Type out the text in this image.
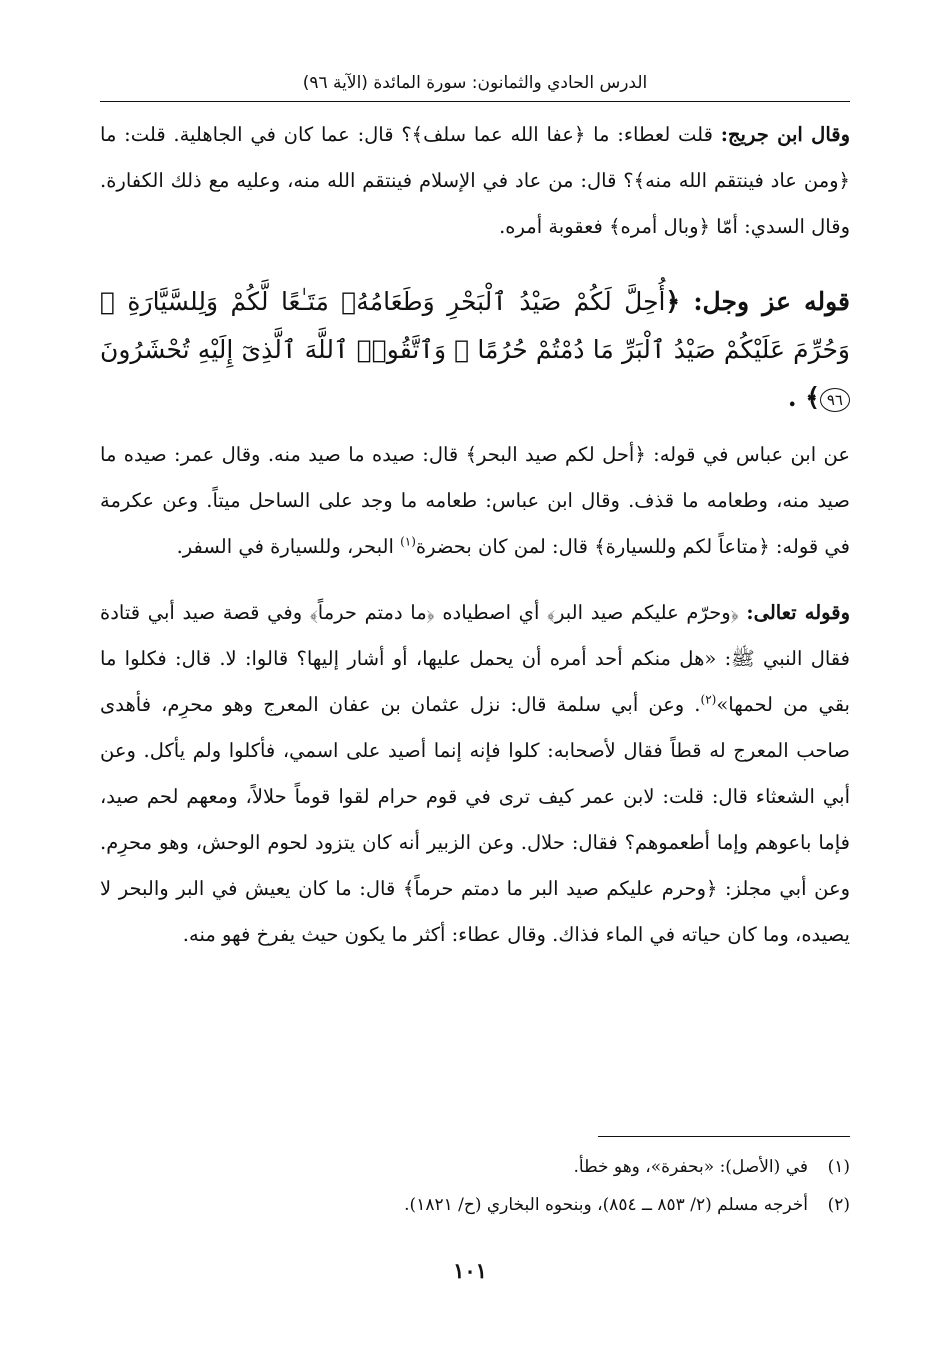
الدرس الحادي والثمانون: سورة المائدة (الآية ٩٦)

وقال ابن جريج: قلت لعطاء: ما ﴿عفا الله عما سلف﴾؟ قال: عما كان في الجاهلية. قلت: ما ﴿ومن عاد فينتقم الله منه﴾؟ قال: من عاد في الإسلام فينتقم الله منه، وعليه مع ذلك الكفارة. وقال السدي: أمّا ﴿وبال أمره﴾ فعقوبة أمره.

قوله عز وجل: ﴿أُحِلَّ لَكُمْ صَيْدُ ٱلْبَحْرِ وَطَعَامُهُۥ مَتَـٰعًا لَّكُمْ وَلِلسَّيَّارَةِ ۖ وَحُرِّمَ عَلَيْكُمْ صَيْدُ ٱلْبَرِّ مَا دُمْتُمْ حُرُمًا ۗ وَٱتَّقُوا۟ ٱللَّهَ ٱلَّذِىٓ إِلَيْهِ تُحْشَرُونَ ٩٦﴾ .

عن ابن عباس في قوله: ﴿أحل لكم صيد البحر﴾ قال: صيده ما صيد منه. وقال عمر: صيده ما صيد منه، وطعامه ما قذف. وقال ابن عباس: طعامه ما وجد على الساحل ميتاً. وعن عكرمة في قوله: ﴿متاعاً لكم وللسيارة﴾ قال: لمن كان بحضرة$^{(١)}$ البحر، وللسيارة في السفر.

وقوله تعالى: ﴿وحرّم عليكم صيد البر﴾ أي اصطياده ﴿ما دمتم حرماً﴾ وفي قصة صيد أبي قتادة فقال النبي ﷺ: «هل منكم أحد أمره أن يحمل عليها، أو أشار إليها؟ قالوا: لا. قال: فكلوا ما بقي من لحمها»$^{(٢)}$. وعن أبي سلمة قال: نزل عثمان بن عفان المعرج وهو محرِم، فأهدى صاحب المعرج له قطاً فقال لأصحابه: كلوا فإنه إنما أصيد على اسمي، فأكلوا ولم يأكل. وعن أبي الشعثاء قال: قلت: لابن عمر كيف ترى في قوم حرام لقوا قوماً حلالاً، ومعهم لحم صيد، فإما باعوهم وإما أطعموهم؟ فقال: حلال. وعن الزبير أنه كان يتزود لحوم الوحش، وهو محرِم. وعن أبي مجلز: ﴿وحرم عليكم صيد البر ما دمتم حرماً﴾ قال: ما كان يعيش في البر والبحر لا يصيده، وما كان حياته في الماء فذاك. وقال عطاء: أكثر ما يكون حيث يفرخ فهو منه.

(١)في (الأصل): «بحفرة»، وهو خطأ.

(٢)أخرجه مسلم (٢/ ٨٥٣ ــ ٨٥٤)، وبنحوه البخاري (ح/ ١٨٢١).

١٠١
